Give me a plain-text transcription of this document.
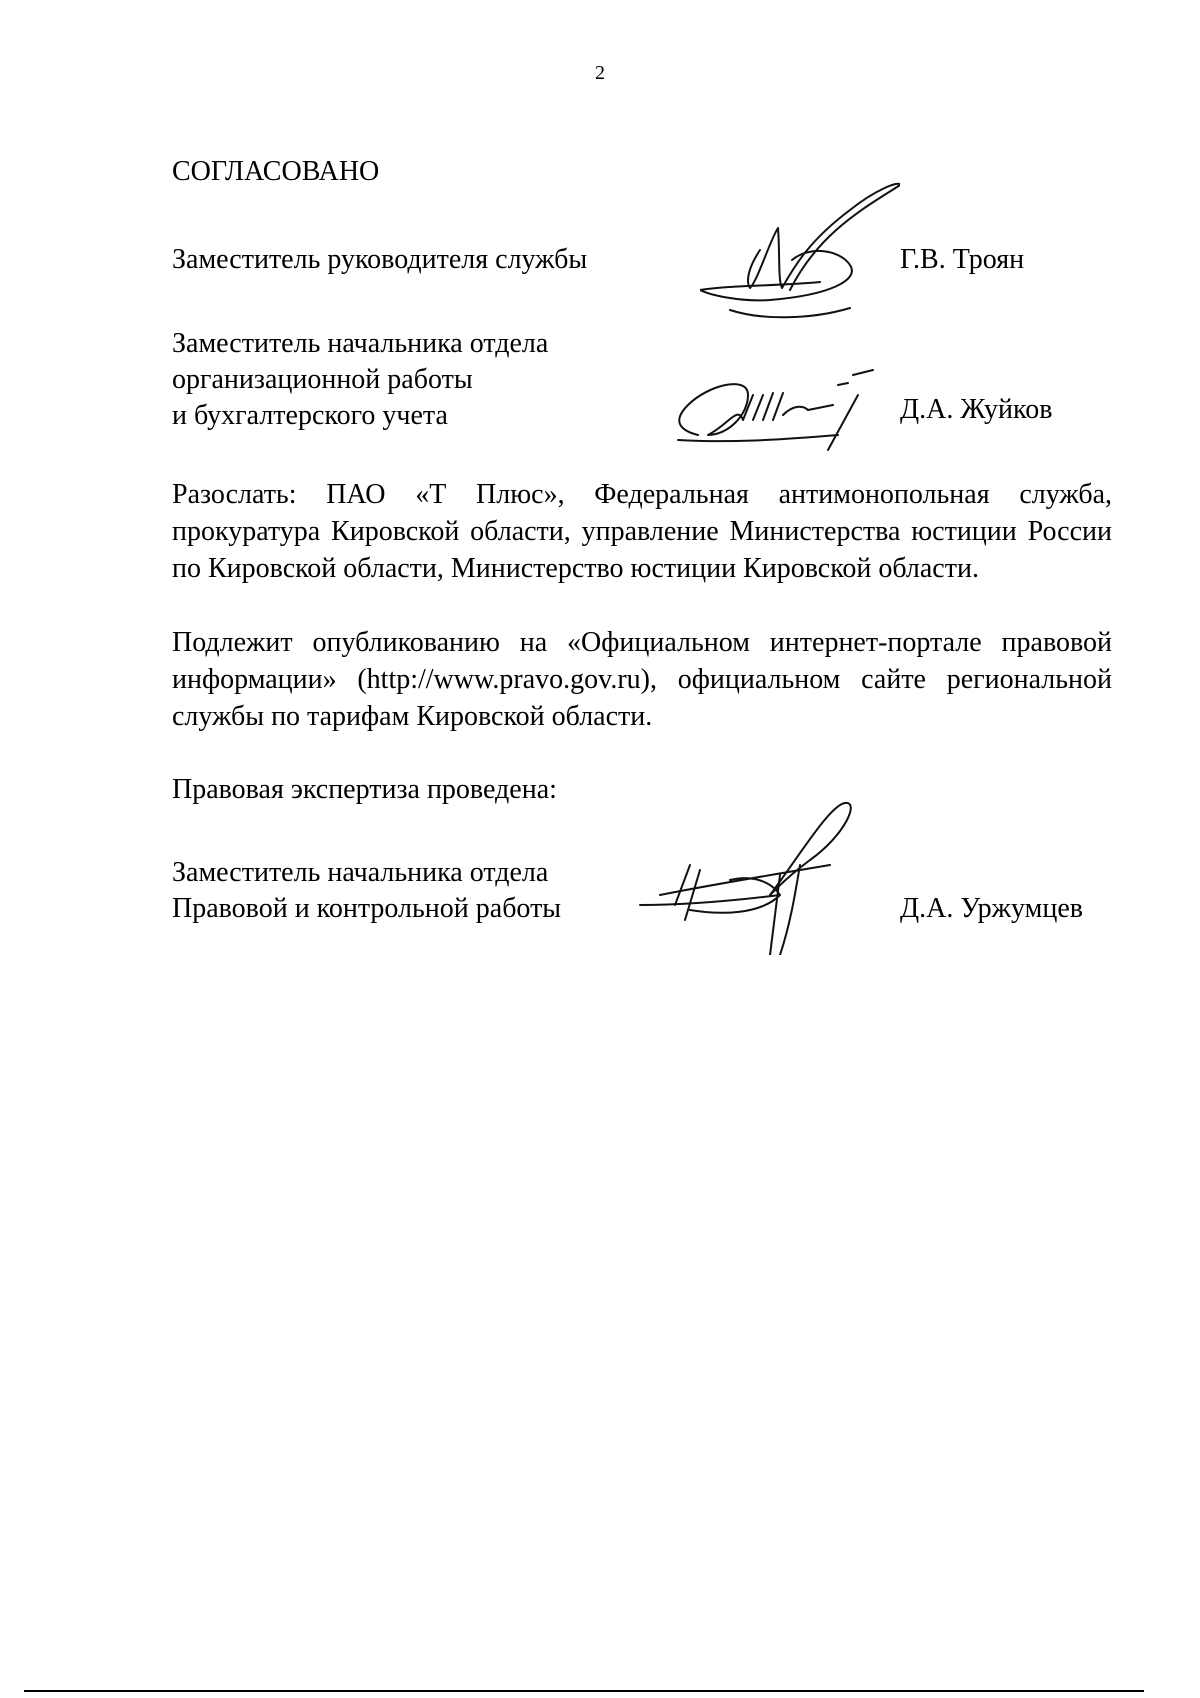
2
СОГЛАСОВАНО
Заместитель руководителя службы	Г.В. Троян
Заместитель начальника отдела
организационной работы
и бухгалтерского учета	Д.А. Жуйков

Разослать: ПАО «Т Плюс», Федеральная антимонопольная служба, прокуратура Кировской области, управление Министерства юстиции России по Кировской области, Министерство юстиции Кировской области.

Подлежит опубликованию на «Официальном интернет-портале правовой информации» (http://www.pravo.gov.ru), официальном сайте региональной службы по тарифам Кировской области.

Правовая экспертиза проведена:
Заместитель начальника отдела
Правовой и контрольной работы	Д.А. Уржумцев
